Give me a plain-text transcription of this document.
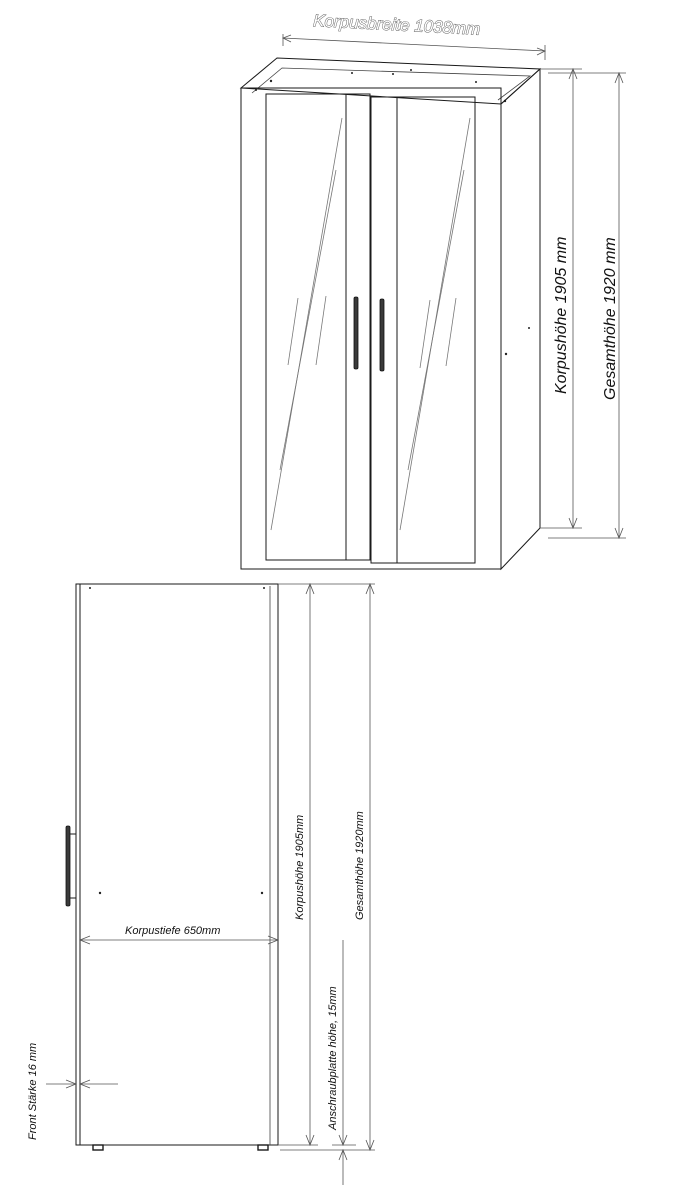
Korpusbreite 1038mm
Korpushöhe 1905 mm Gesamthöhe 1920 mm
Korpustiefe 650mm
Korpushöhe 1905mm	Gesamthöhe 1920mm
Anschraubplatte höhe, 15mm
Front Stärke 16 mm
